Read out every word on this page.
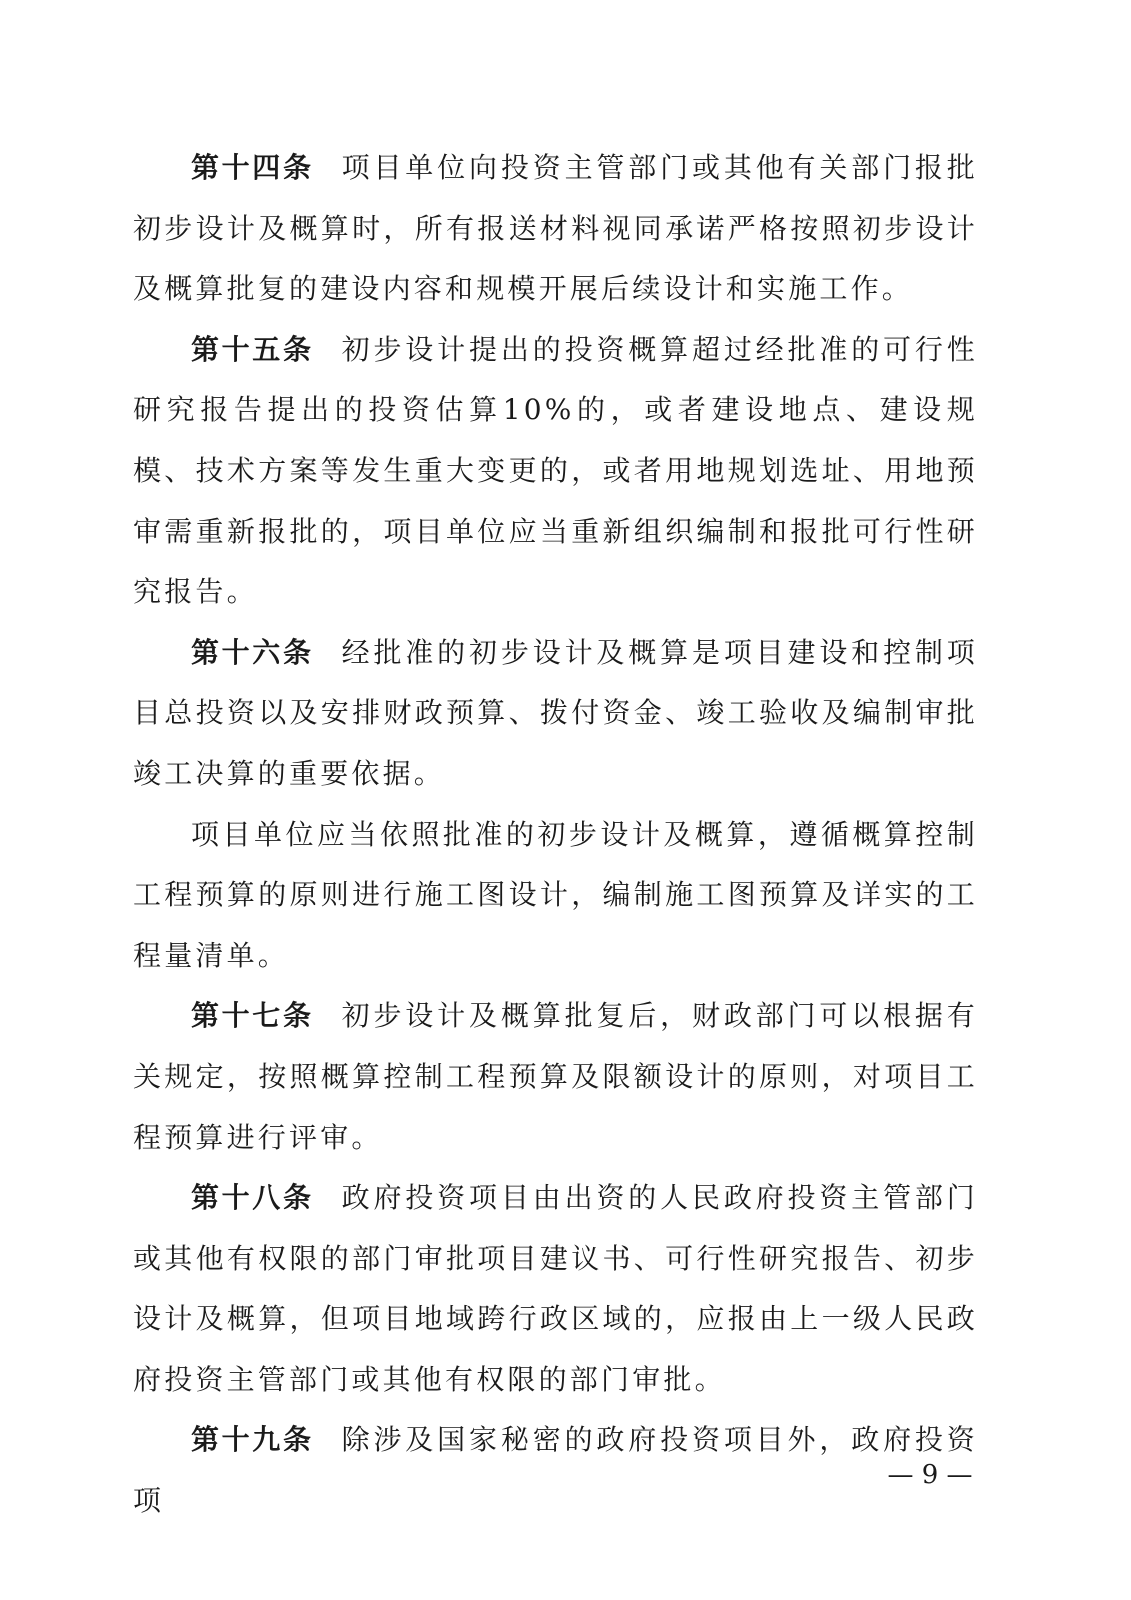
第十四条 项目单位向投资主管部门或其他有关部门报批初步设计及概算时，所有报送材料视同承诺严格按照初步设计及概算批复的建设内容和规模开展后续设计和实施工作。

第十五条 初步设计提出的投资概算超过经批准的可行性研究报告提出的投资估算10%的，或者建设地点、建设规模、技术方案等发生重大变更的，或者用地规划选址、用地预审需重新报批的，项目单位应当重新组织编制和报批可行性研究报告。

第十六条 经批准的初步设计及概算是项目建设和控制项目总投资以及安排财政预算、拨付资金、竣工验收及编制审批竣工决算的重要依据。

项目单位应当依照批准的初步设计及概算，遵循概算控制工程预算的原则进行施工图设计，编制施工图预算及详实的工程量清单。

第十七条 初步设计及概算批复后，财政部门可以根据有关规定，按照概算控制工程预算及限额设计的原则，对项目工程预算进行评审。

第十八条 政府投资项目由出资的人民政府投资主管部门或其他有权限的部门审批项目建议书、可行性研究报告、初步设计及概算，但项目地域跨行政区域的，应报由上一级人民政府投资主管部门或其他有权限的部门审批。

第十九条 除涉及国家秘密的政府投资项目外，政府投资项

— 9 —
